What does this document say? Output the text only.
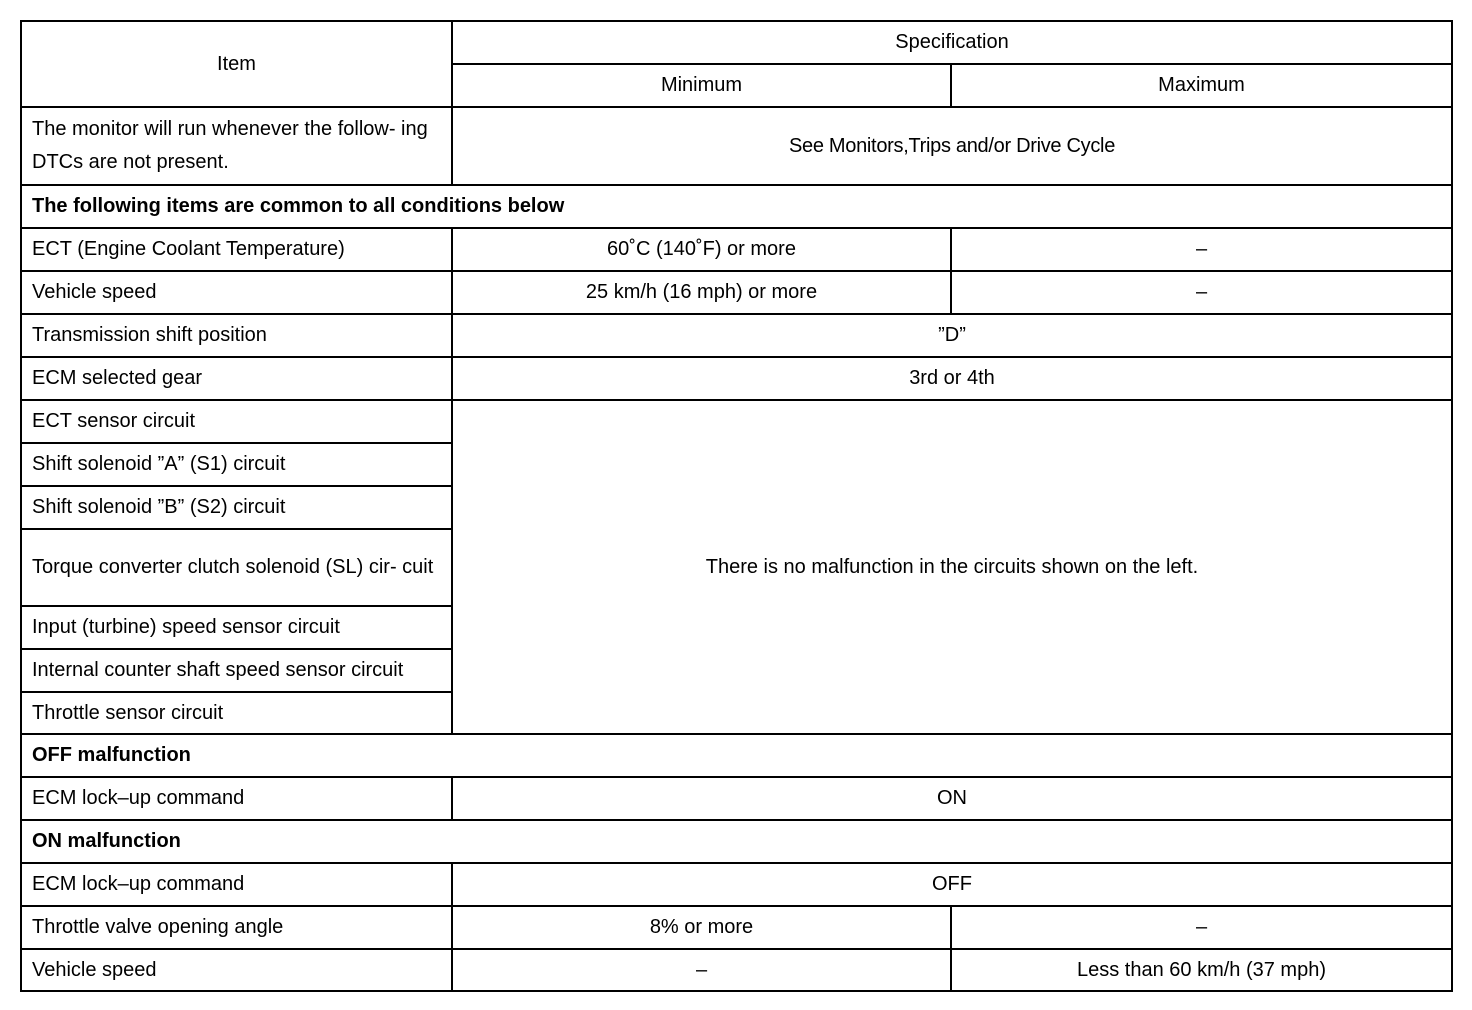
Item	Specification	
	Minimum	Maximum
The monitor will run whenever the follow- ing DTCs are not present.	See Monitors,Trips and/or Drive Cycle	
The following items are common to all conditions below		
ECT (Engine Coolant Temperature)	60˚C (140˚F) or more	–
Vehicle speed	25 km/h (16 mph) or more	–
Transmission shift position	”D”	
ECM selected gear	3rd or 4th	
ECT sensor circuit	There is no malfunction in the circuits shown on the left.	
Shift solenoid ”A” (S1) circuit		
Shift solenoid ”B” (S2) circuit		
Torque converter clutch solenoid (SL) cir- cuit		
Input (turbine) speed sensor circuit		
Internal counter shaft speed sensor circuit		
Throttle sensor circuit		
OFF malfunction		
ECM lock–up command	ON	
ON malfunction		
ECM lock–up command	OFF	
Throttle valve opening angle	8% or more	–
Vehicle speed	–	Less than 60 km/h (37 mph)
